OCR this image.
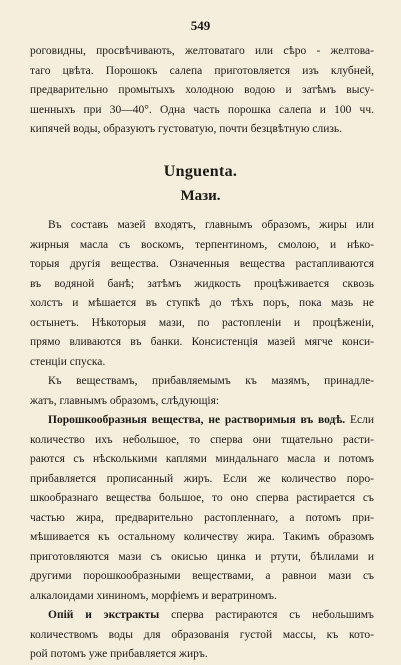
549
роговидны, просвѣчивають, желтоватаго или сѣро - желтова-
таго цвѣта. Порошокъ салепа приготовляется изъ клубней,
предварительно промытыхъ холодною водою и затѣмъ высу-
шенныхъ при 30—40°. Одна часть порошка салепа и 100 чч.
кипячей воды, образуютъ густоватую, почти безцвѣтную слизь.
Unguenta.
Мази.
Въ составъ мазей входятъ, главнымъ образомъ, жиры или
жирныя масла съ воскомъ, терпентиномъ, смолою, и нѣко-
торыя другія вещества. Означенныя вещества растапливаются
въ водяной банѣ; затѣмъ жидкость процѣживается сквозь
холстъ и мѣшается въ ступкѣ до тѣхъ поръ, пока мазь не
остынетъ. Нѣкоторыя мази, по растопленіи и процѣженіи,
прямо вливаются въ банки. Консистенція мазей мягче конси-
стенціи спуска.
Къ веществамъ, прибавляемымъ къ мазямъ, принадле-
жатъ, главнымъ образомъ, слѣдующія:
Порошкообразныя вещества, не растворимыя въ водѣ. Если
количество ихъ небольшое, то сперва они тщательно расти-
раются съ нѣсколькими каплями миндальнаго масла и потомъ
прибавляется прописанный жиръ. Если же количество поро-
шкообразнаго вещества большое, то оно сперва растирается съ
частью жира, предварительно растопленнаго, а потомъ при-
мѣшивается къ остальному количеству жира. Такимъ образомъ
приготовляются мази съ окисью цинка и ртути, бѣлилами и
другими порошкообразными веществами, а равнои мази съ
алкалоидами хининомъ, морфіемъ и вератриномъ.
Опій и экстракты сперва растираются съ небольшимъ
количествомъ воды для образованія густой массы, къ кото-
рой потомъ уже прибавляется жиръ.
